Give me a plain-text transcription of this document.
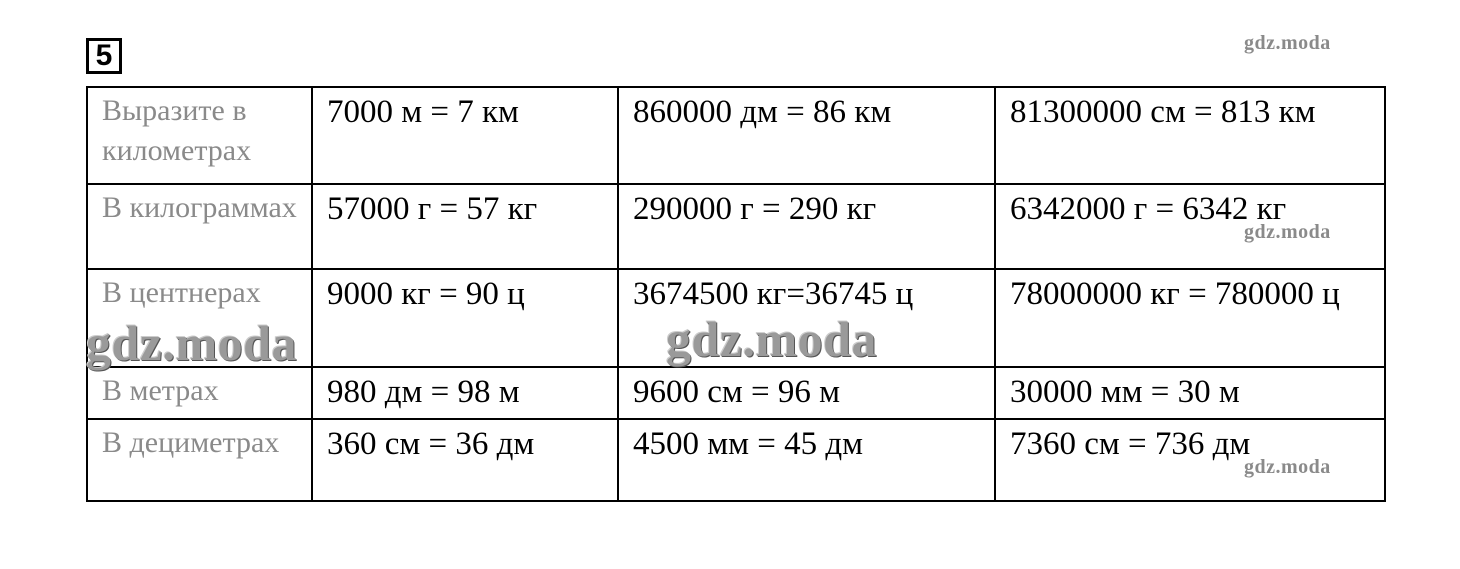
5
Выразите в километрах	7000 м = 7 км	860000 дм = 86 км	81300000 см = 813 км
В килограммах	57000 г = 57 кг	290000 г = 290 кг	6342000 г = 6342 кг
В центнерах	9000 кг = 90 ц	3674500 кг=36745 ц	78000000 кг = 780000 ц
В метрах	980 дм = 98 м	9600 см = 96 м	30000 мм = 30 м
В дециметрах	360 см = 36 дм	4500 мм = 45 дм	7360 см = 736 дм
gdz.moda
gdz.moda
gdz.moda
gdz.moda	gdz.moda
